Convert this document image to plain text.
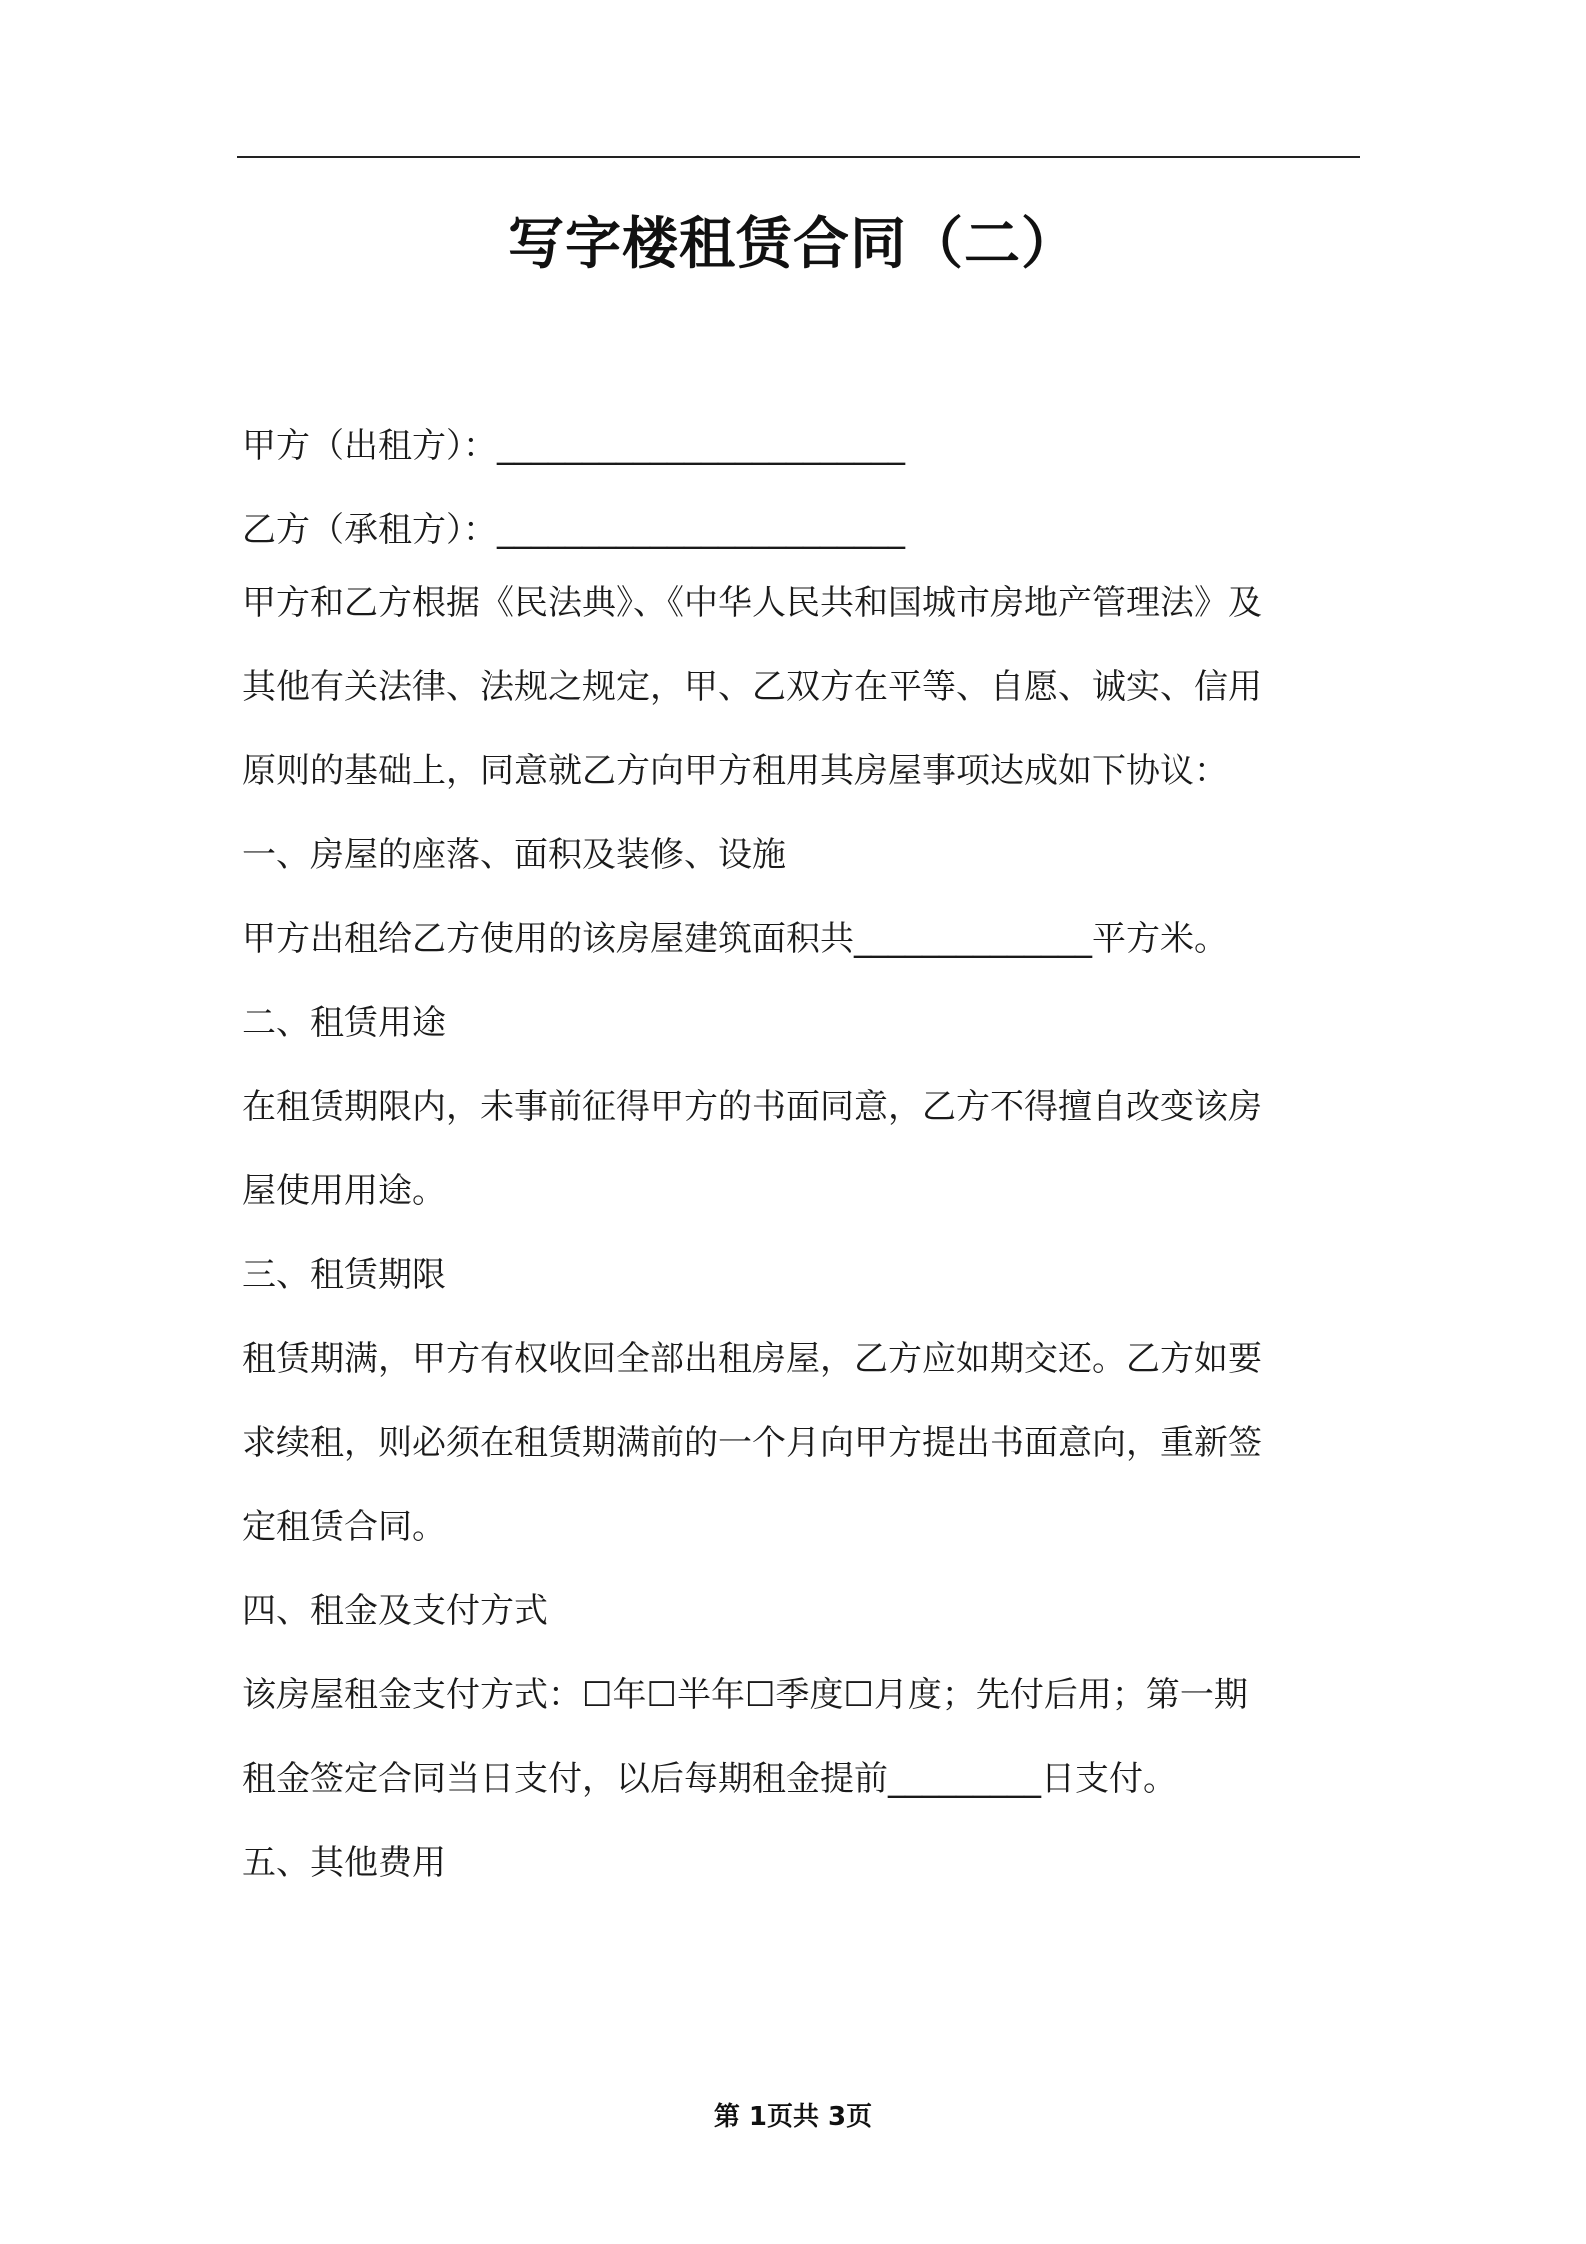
写字楼租赁合同（二）
甲方（出租方）：________________________
乙方（承租方）：________________________
甲方和乙方根据《民法典》、《中华人民共和国城市房地产管理法》及
其他有关法律、法规之规定，甲、乙双方在平等、自愿、诚实、信用
原则的基础上，同意就乙方向甲方租用其房屋事项达成如下协议：
一、房屋的座落、面积及装修、设施
甲方出租给乙方使用的该房屋建筑面积共______________平方米。
二、租赁用途
在租赁期限内，未事前征得甲方的书面同意，乙方不得擅自改变该房
屋使用用途。
三、租赁期限
租赁期满，甲方有权收回全部出租房屋，乙方应如期交还。乙方如要
求续租，则必须在租赁期满前的一个月向甲方提出书面意向，重新签
定租赁合同。
四、租金及支付方式
该房屋租金支付方式：☐年☐半年☐季度☐月度；先付后用；第一期
租金签定合同当日支付，以后每期租金提前_________日支付。
五、其他费用
第 1页共 3页
